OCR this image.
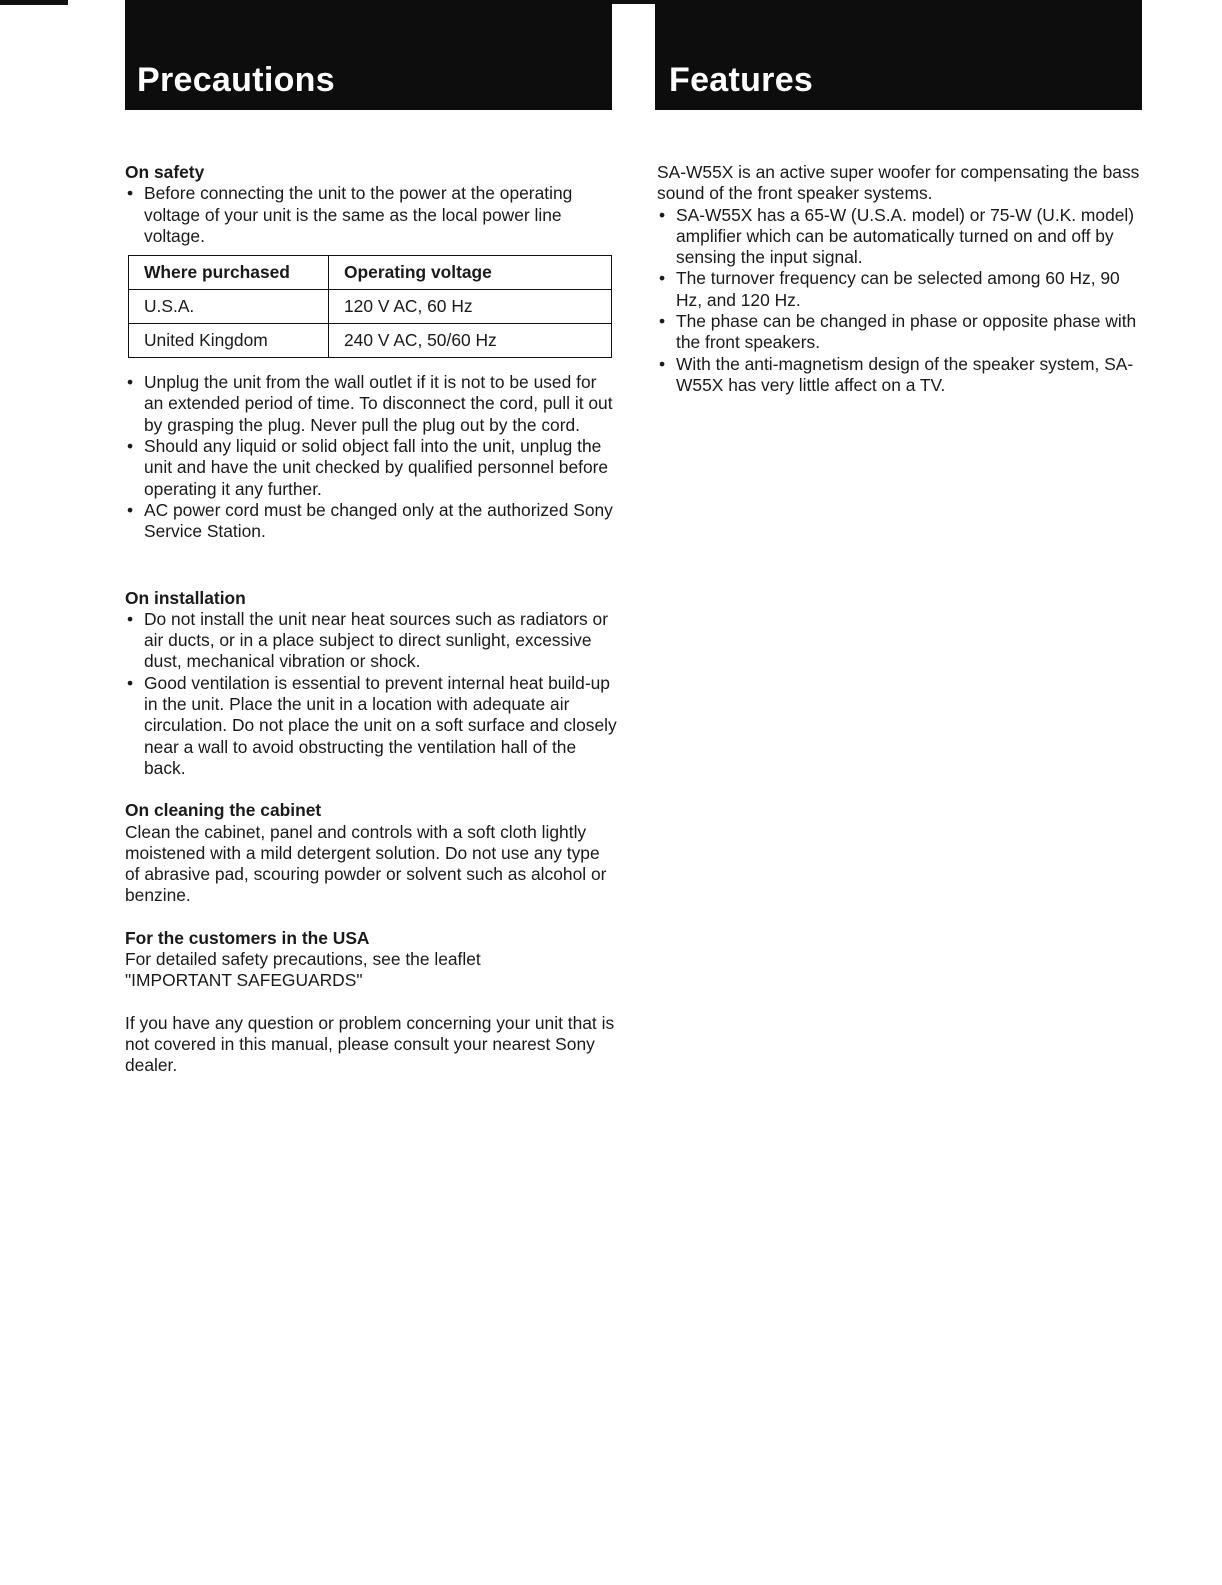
Precautions	Features

On safety

• Before connecting the unit to the power at the operating voltage of your unit is the same as the local power line voltage.
Where purchased	Operating voltage
U.S.A.	120 V AC, 60 Hz
United Kingdom	240 V AC, 50/60 Hz
• Unplug the unit from the wall outlet if it is not to be used for an extended period of time. To disconnect the cord, pull it out by grasping the plug. Never pull the plug out by the cord.
• Should any liquid or solid object fall into the unit, unplug the unit and have the unit checked by qualified personnel before operating it any further.
• AC power cord must be changed only at the authorized Sony Service Station.

On installation

• Do not install the unit near heat sources such as radiators or air ducts, or in a place subject to direct sunlight, excessive dust, mechanical vibration or shock.
• Good ventilation is essential to prevent internal heat build-up in the unit. Place the unit in a location with adequate air circulation. Do not place the unit on a soft surface and closely near a wall to avoid obstructing the ventilation hall of the back.

On cleaning the cabinet

Clean the cabinet, panel and controls with a soft cloth lightly moistened with a mild detergent solution. Do not use any type of abrasive pad, scouring powder or solvent such as alcohol or benzine.

For the customers in the USA

For detailed safety precautions, see the leaflet

"IMPORTANT SAFEGUARDS"

If you have any question or problem concerning your unit that is not covered in this manual, please consult your nearest Sony dealer.

SA-W55X is an active super woofer for compensating the bass sound of the front speaker systems.

• SA-W55X has a 65-W (U.S.A. model) or 75-W (U.K. model) amplifier which can be automatically turned on and off by sensing the input signal.
• The turnover frequency can be selected among 60 Hz, 90 Hz, and 120 Hz.
• The phase can be changed in phase or opposite phase with the front speakers.
• With the anti-magnetism design of the speaker system, SA-W55X has very little affect on a TV.
